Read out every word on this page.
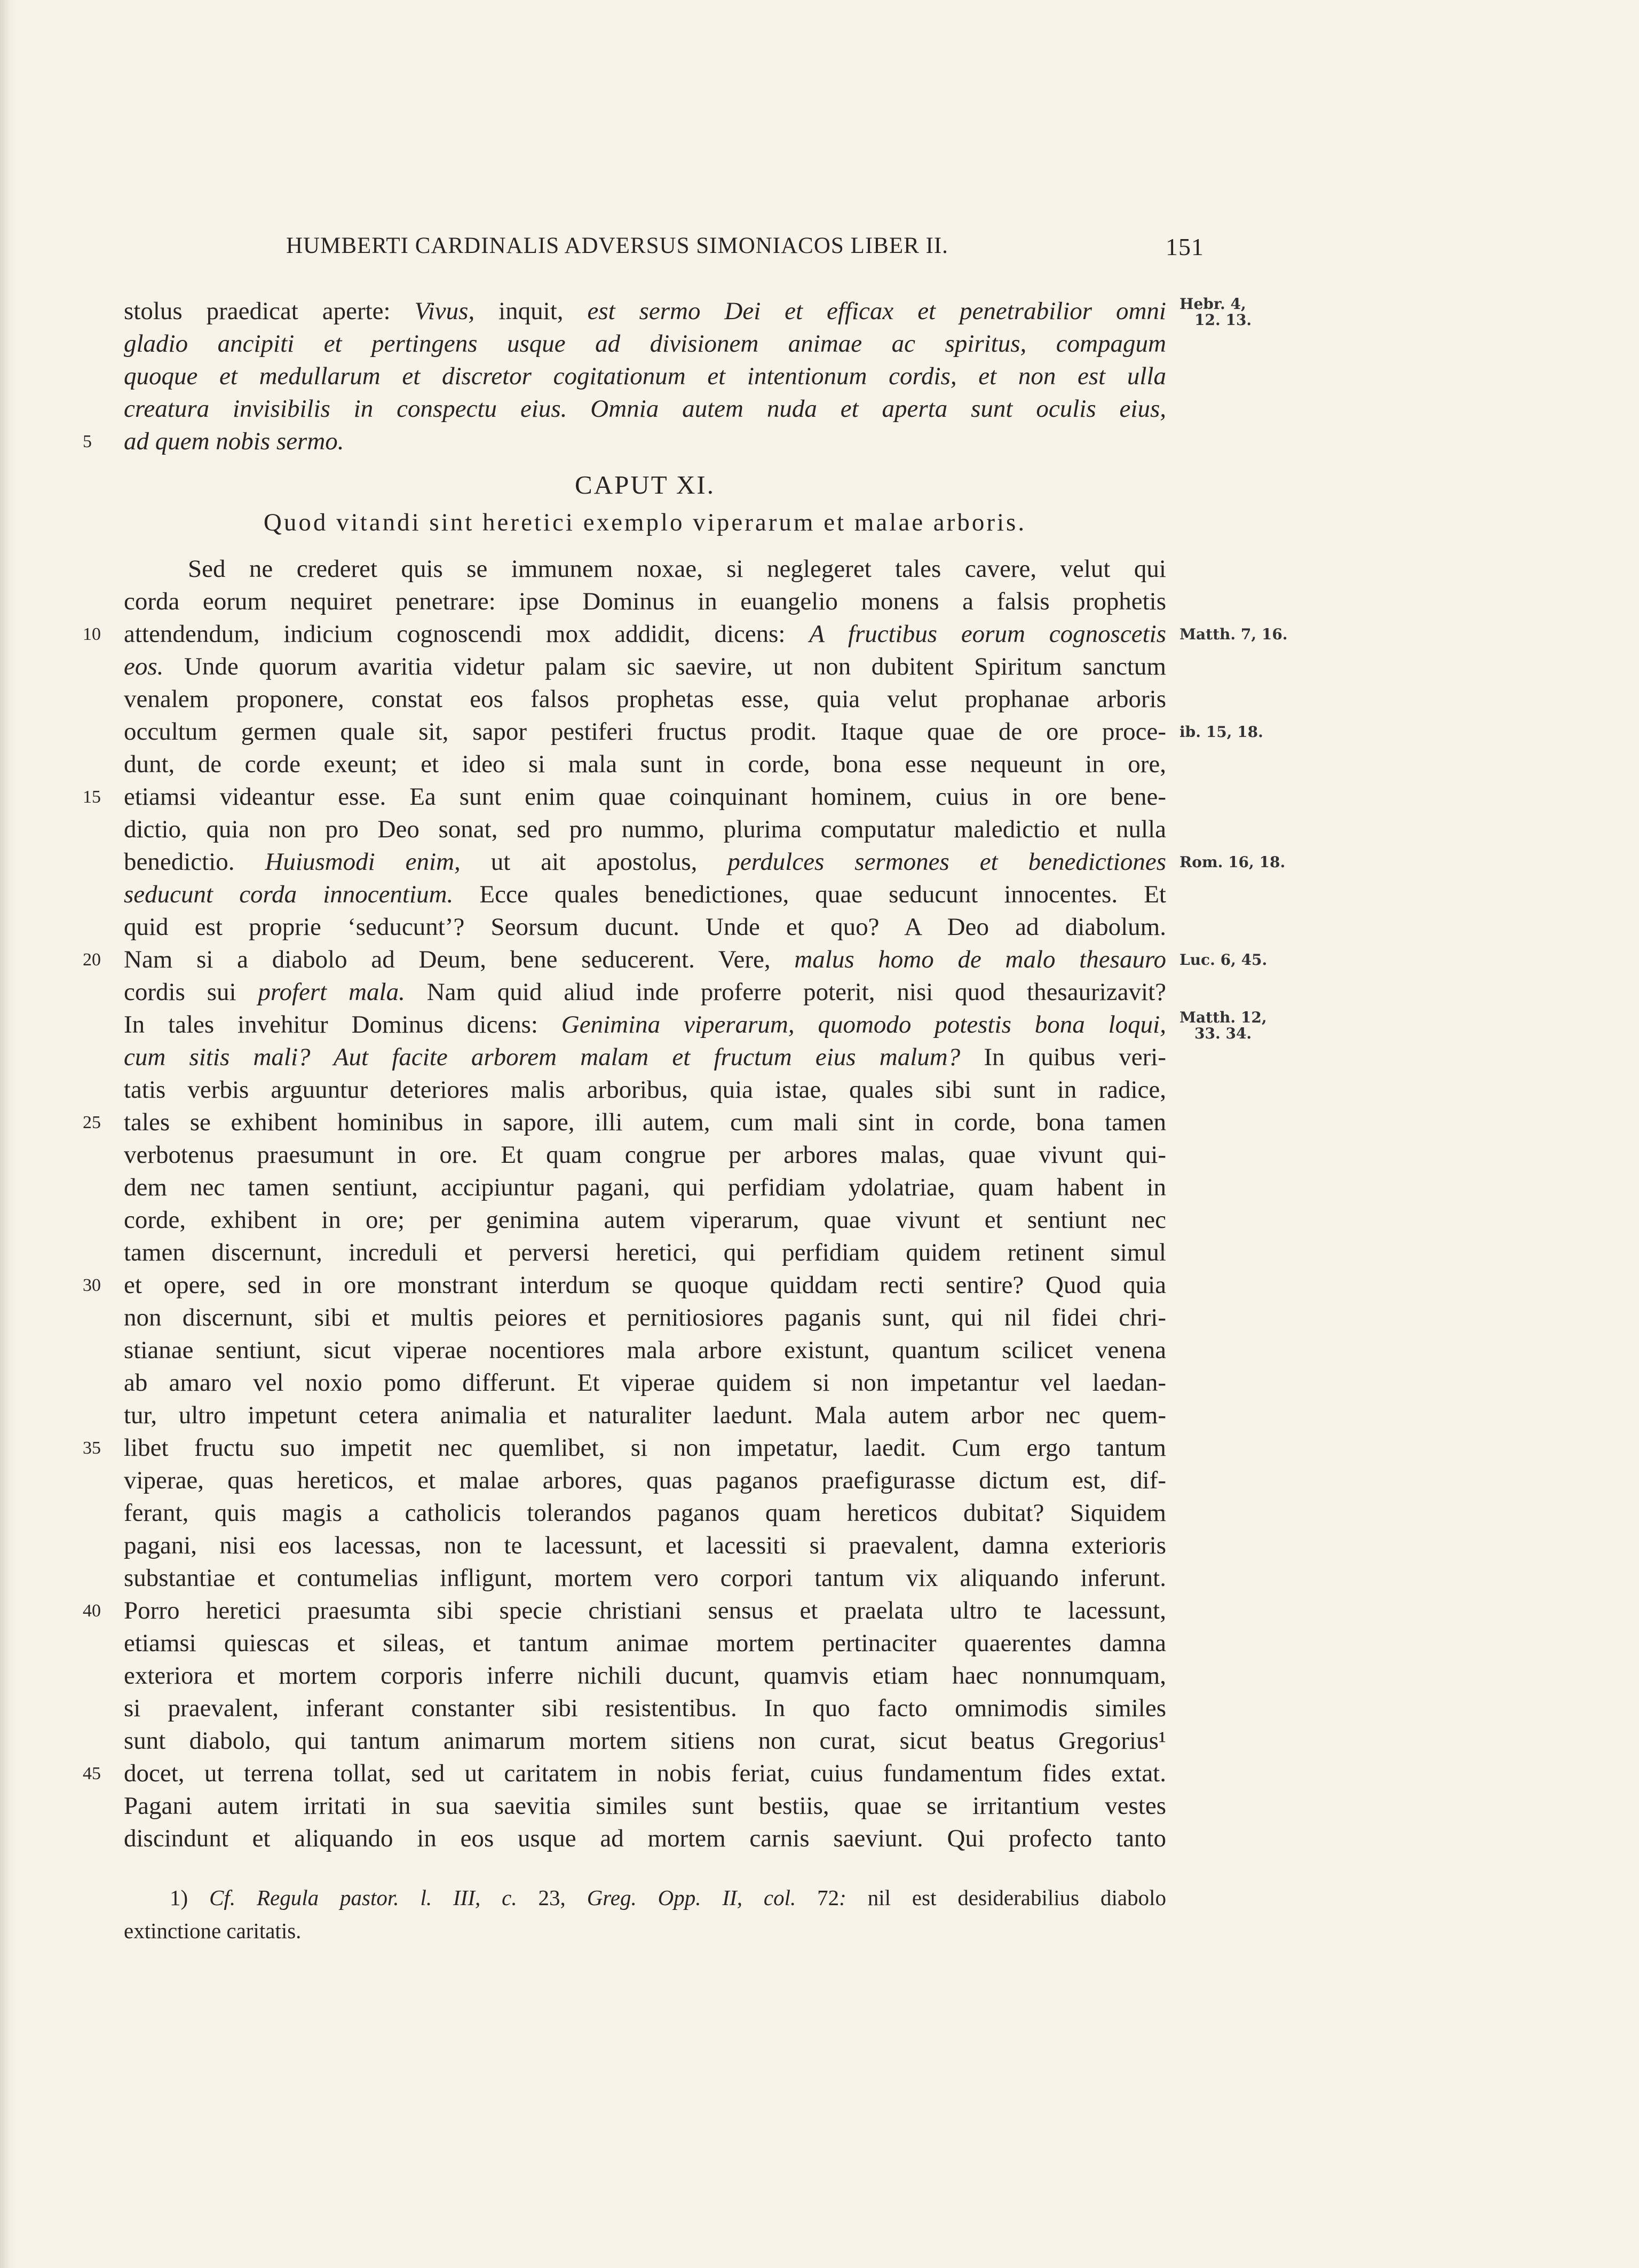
HUMBERTI CARDINALIS ADVERSUS SIMONIACOS LIBER II.	151
stolus praedicat aperte: Vivus, inquit, est sermo Dei et efficax et penetrabilior omni
gladio ancipiti et pertingens usque ad divisionem animae ac spiritus, compagum
quoque et medullarum et discretor cogitationum et intentionum cordis, et non est ulla
creatura invisibilis in conspectu eius. Omnia autem nuda et aperta sunt oculis eius,
ad quem nobis sermo.
5
CAPUT XI.
Quod vitandi sint heretici exemplo viperarum et malae arboris.
Sed ne crederet quis se immunem noxae, si neglegeret tales cavere, velut qui
corda eorum nequiret penetrare: ipse Dominus in euangelio monens a falsis prophetis
attendendum, indicium cognoscendi mox addidit, dicens: A fructibus eorum cognoscetis
10
eos. Unde quorum avaritia videtur palam sic saevire, ut non dubitent Spiritum sanctum
venalem proponere, constat eos falsos prophetas esse, quia velut prophanae arboris
occultum germen quale sit, sapor pestiferi fructus prodit. Itaque quae de ore proce-
dunt, de corde exeunt; et ideo si mala sunt in corde, bona esse nequeunt in ore,
etiamsi videantur esse. Ea sunt enim quae coinquinant hominem, cuius in ore bene-
15
dictio, quia non pro Deo sonat, sed pro nummo, plurima computatur maledictio et nulla
benedictio. Huiusmodi enim, ut ait apostolus, perdulces sermones et benedictiones
seducunt corda innocentium. Ecce quales benedictiones, quae seducunt innocentes. Et
quid est proprie ‘seducunt’? Seorsum ducunt. Unde et quo? A Deo ad diabolum.
Nam si a diabolo ad Deum, bene seducerent. Vere, malus homo de malo thesauro
20
cordis sui profert mala. Nam quid aliud inde proferre poterit, nisi quod thesaurizavit?
In tales invehitur Dominus dicens: Genimina viperarum, quomodo potestis bona loqui,
cum sitis mali? Aut facite arborem malam et fructum eius malum? In quibus veri-
tatis verbis arguuntur deteriores malis arboribus, quia istae, quales sibi sunt in radice,
tales se exhibent hominibus in sapore, illi autem, cum mali sint in corde, bona tamen
25
verbotenus praesumunt in ore. Et quam congrue per arbores malas, quae vivunt qui-
dem nec tamen sentiunt, accipiuntur pagani, qui perfidiam ydolatriae, quam habent in
corde, exhibent in ore; per genimina autem viperarum, quae vivunt et sentiunt nec
tamen discernunt, increduli et perversi heretici, qui perfidiam quidem retinent simul
et opere, sed in ore monstrant interdum se quoque quiddam recti sentire? Quod quia
30
non discernunt, sibi et multis peiores et pernitiosiores paganis sunt, qui nil fidei chri-
stianae sentiunt, sicut viperae nocentiores mala arbore existunt, quantum scilicet venena
ab amaro vel noxio pomo differunt. Et viperae quidem si non impetantur vel laedan-
tur, ultro impetunt cetera animalia et naturaliter laedunt. Mala autem arbor nec quem-
libet fructu suo impetit nec quemlibet, si non impetatur, laedit. Cum ergo tantum
35
viperae, quas hereticos, et malae arbores, quas paganos praefigurasse dictum est, dif-
ferant, quis magis a catholicis tolerandos paganos quam hereticos dubitat? Siquidem
pagani, nisi eos lacessas, non te lacessunt, et lacessiti si praevalent, damna exterioris
substantiae et contumelias infligunt, mortem vero corpori tantum vix aliquando inferunt.
Porro heretici praesumta sibi specie christiani sensus et praelata ultro te lacessunt,
40
etiamsi quiescas et sileas, et tantum animae mortem pertinaciter quaerentes damna
exteriora et mortem corporis inferre nichili ducunt, quamvis etiam haec nonnumquam,
si praevalent, inferant constanter sibi resistentibus. In quo facto omnimodis similes
sunt diabolo, qui tantum animarum mortem sitiens non curat, sicut beatus Gregorius¹
docet, ut terrena tollat, sed ut caritatem in nobis feriat, cuius fundamentum fides extat.
45
Pagani autem irritati in sua saevitia similes sunt bestiis, quae se irritantium vestes
discindunt et aliquando in eos usque ad mortem carnis saeviunt. Qui profecto tanto
Hebr. 4,
12. 13.
Matth. 7, 16.
ib. 15, 18.
Rom. 16, 18.
Luc. 6, 45.
Matth. 12,
33. 34.
1) Cf. Regula pastor. l. III, c. 23, Greg. Opp. II, col. 72: nil est desiderabilius diabolo
extinctione caritatis.
